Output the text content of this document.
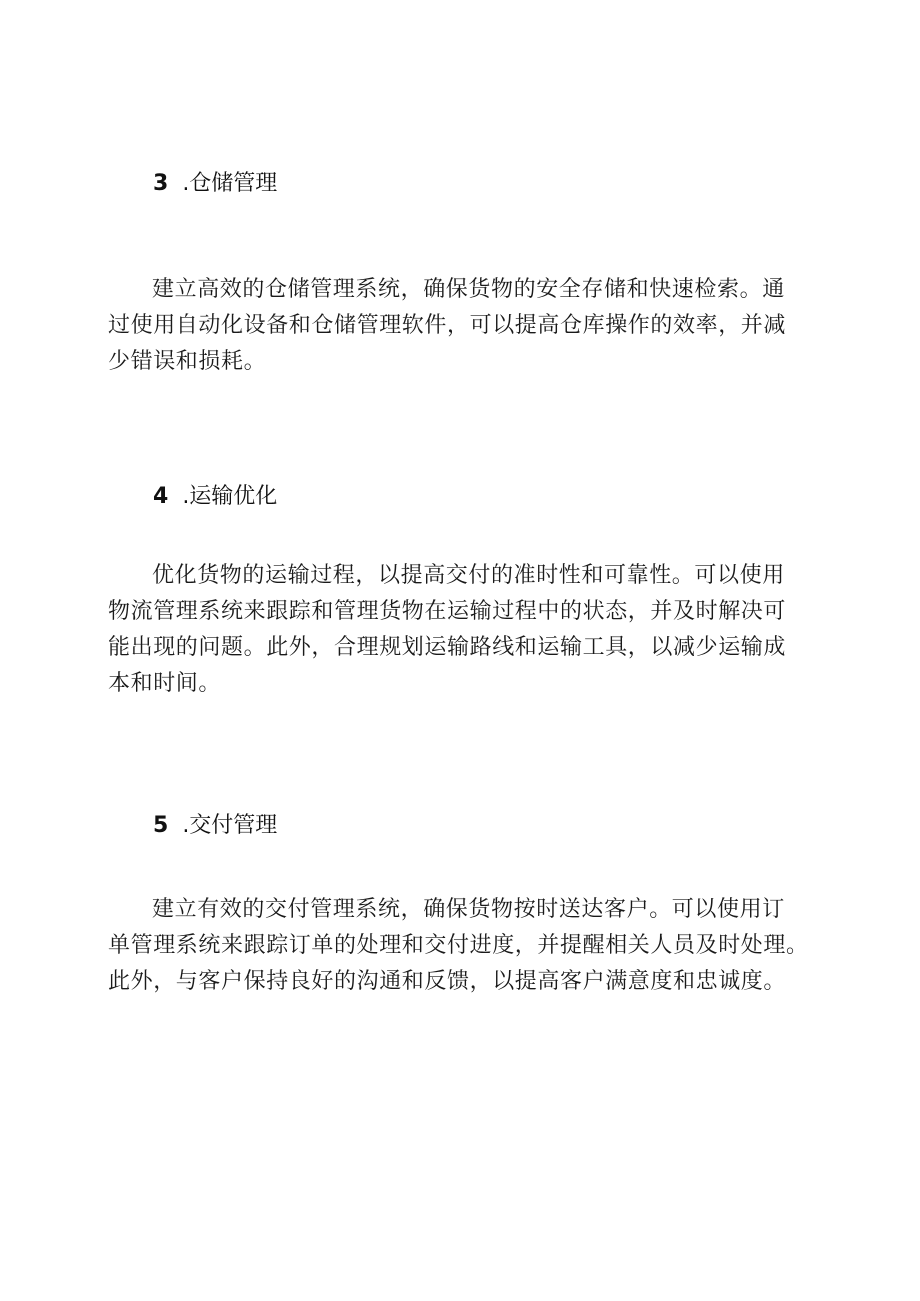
3 .仓储管理
建立高效的仓储管理系统，确保货物的安全存储和快速检索。通
过使用自动化设备和仓储管理软件，可以提高仓库操作的效率，并减
少错误和损耗。
4 .运输优化
优化货物的运输过程，以提高交付的准时性和可靠性。可以使用
物流管理系统来跟踪和管理货物在运输过程中的状态，并及时解决可
能出现的问题。此外，合理规划运输路线和运输工具，以减少运输成
本和时间。
5 .交付管理
建立有效的交付管理系统，确保货物按时送达客户。可以使用订
单管理系统来跟踪订单的处理和交付进度，并提醒相关人员及时处理。
此外，与客户保持良好的沟通和反馈，以提高客户满意度和忠诚度。
